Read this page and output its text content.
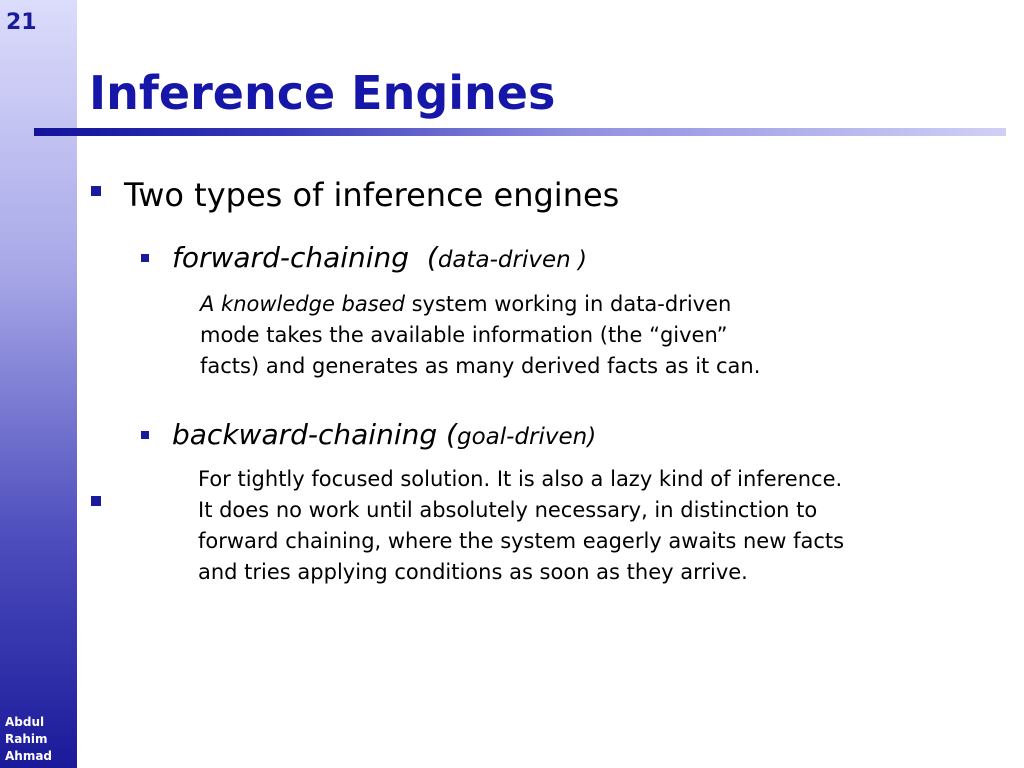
21
Abdul
Rahim
Ahmad
Inference Engines
Two types of inference engines
forward-chaining (data-driven )
A knowledge based system working in data-driven
mode takes the available information (the “given”
facts) and generates as many derived facts as it can.
backward-chaining (goal-driven)
For tightly focused solution. It is also a lazy kind of inference.
It does no work until absolutely necessary, in distinction to
forward chaining, where the system eagerly awaits new facts
and tries applying conditions as soon as they arrive.
